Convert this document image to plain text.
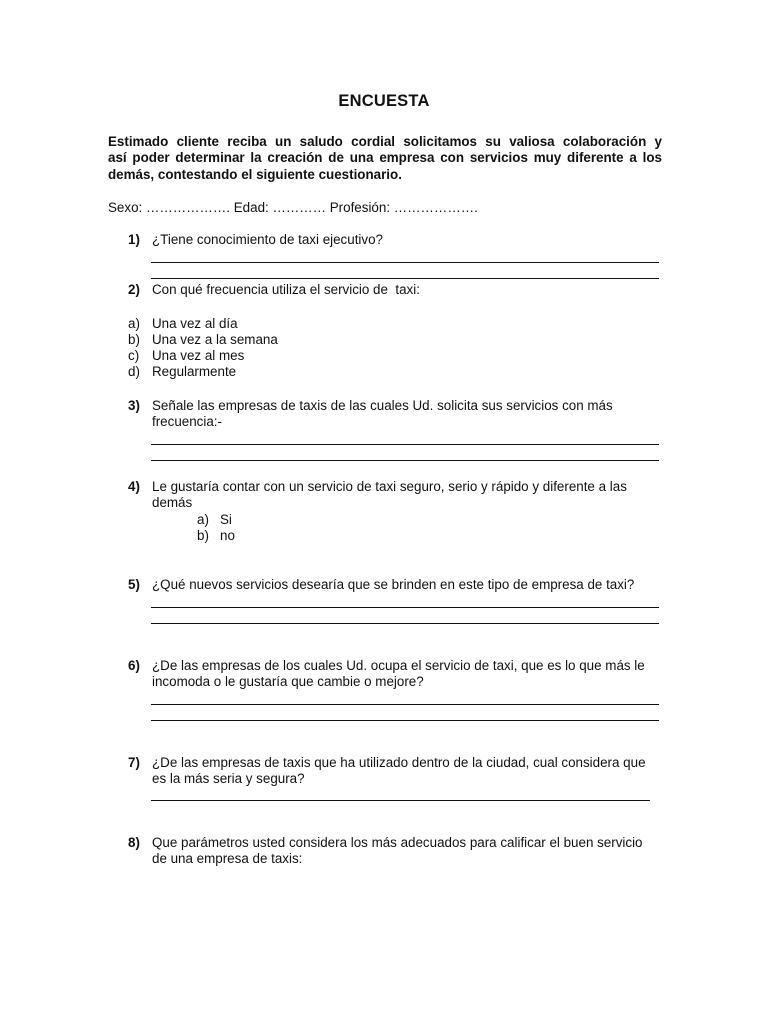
ENCUESTA
Estimado cliente reciba un saludo cordial solicitamos su valiosa colaboración y
así poder determinar la creación de una empresa con servicios muy diferente a los
demás, contestando el siguiente cuestionario.
Sexo: ………………. Edad: ………… Profesión: ……………….
1) ¿Tiene conocimiento de taxi ejecutivo?
2) Con qué frecuencia utiliza el servicio de  taxi:
a) Una vez al día
b) Una vez a la semana
c) Una vez al mes
d) Regularmente
3) Señale las empresas de taxis de las cuales Ud. solicita sus servicios con más
frecuencia:-
4) Le gustaría contar con un servicio de taxi seguro, serio y rápido y diferente a las
demás
a) Si
b) no
5) ¿Qué nuevos servicios desearía que se brinden en este tipo de empresa de taxi?
6) ¿De las empresas de los cuales Ud. ocupa el servicio de taxi, que es lo que más le
incomoda o le gustaría que cambie o mejore?
7) ¿De las empresas de taxis que ha utilizado dentro de la ciudad, cual considera que
es la más seria y segura?
8) Que parámetros usted considera los más adecuados para calificar el buen servicio
de una empresa de taxis:
